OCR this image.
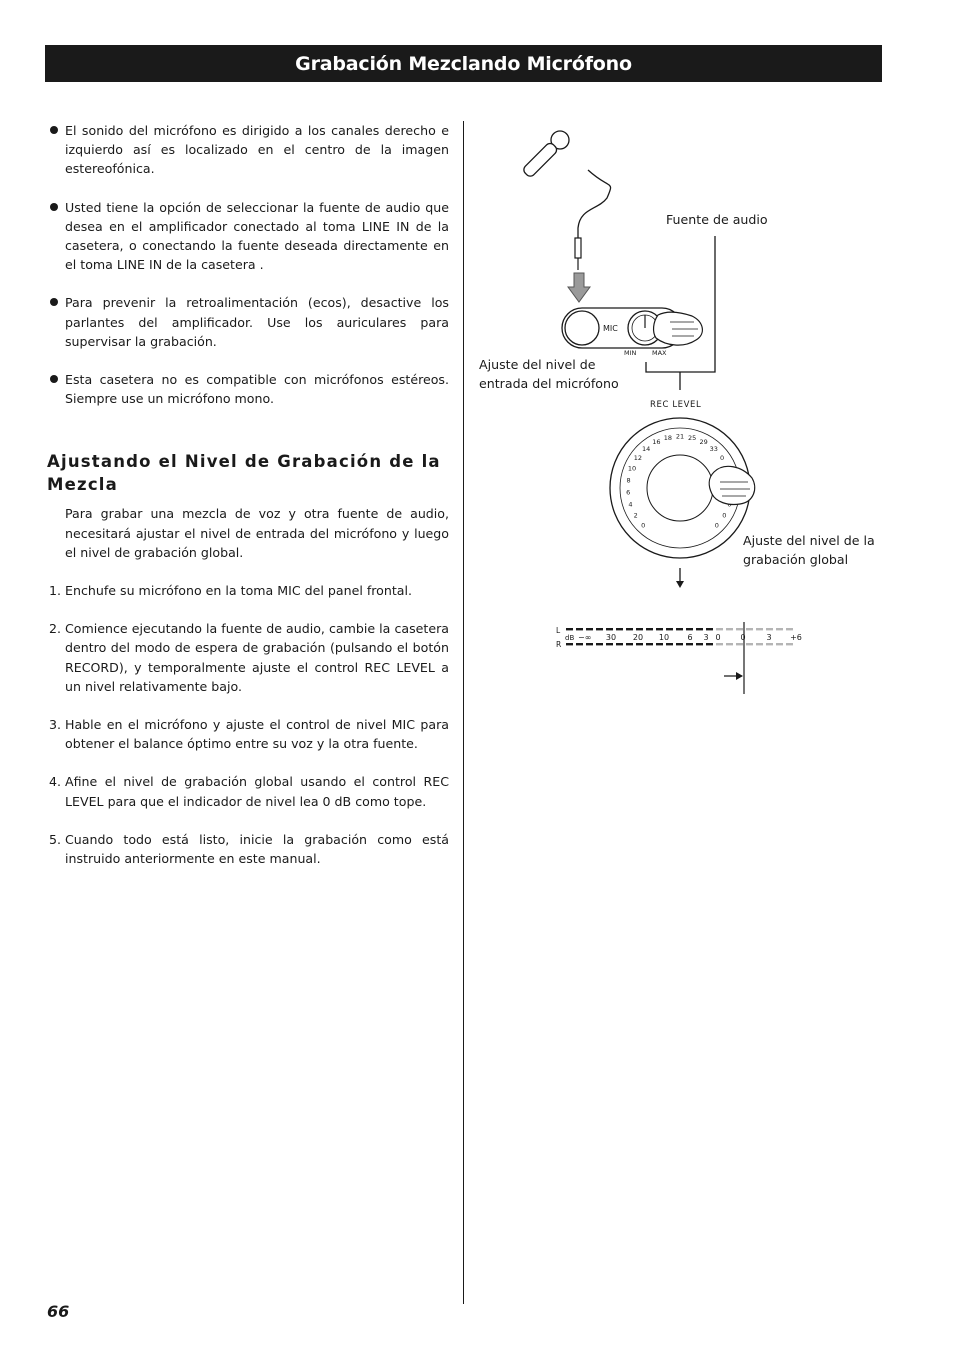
Grabación Mezclando Micrófono
El sonido del micrófono es dirigido a los canales derecho e izquierdo así es localizado en el centro de la imagen estereofónica.
Usted tiene la opción de seleccionar la fuente de audio que desea en el amplificador conectado al toma LINE IN de la casetera, o conectando la fuente deseada directamente en el toma LINE IN de la casetera .
Para prevenir la retroalimentación (ecos), desactive los parlantes del amplificador. Use los auriculares para supervisar la grabación.
Esta casetera no es compatible con micrófonos estéreos. Siempre use un micrófono mono.
Ajustando el Nivel de Grabación de la Mezcla

Para grabar una mezcla de voz y otra fuente de audio, necesitará ajustar el nivel de entrada del micrófono y luego el nivel de grabación global.

1. Enchufe su micrófono en la toma MIC del panel frontal.
2. Comience ejecutando la fuente de audio, cambie la casetera dentro del modo de espera de grabación (pulsando el botón RECORD), y temporalmente ajuste el control REC LEVEL a un nivel relativamente bajo.
3. Hable en el micrófono y ajuste el control de nivel MIC para obtener el balance óptimo entre su voz y la otra fuente.
4. Afine el nivel de grabación global usando el control REC LEVEL para que el indicador de nivel lea 0 dB como tope.
5. Cuando todo está listo, inicie la grabación como está instruido anteriormente en este manual.
MIC
MIN MAX
REC LEVEL
0
2
4
6
8
10
12
14
16
18 21 25
29
33
0
0
0
L
R
dB −∞ 30 20 10 6 3 0 0	3 +6
Fuente de audio
Ajuste del nivel de
entrada del micrófono
Ajuste del nivel de la
grabación global
66
